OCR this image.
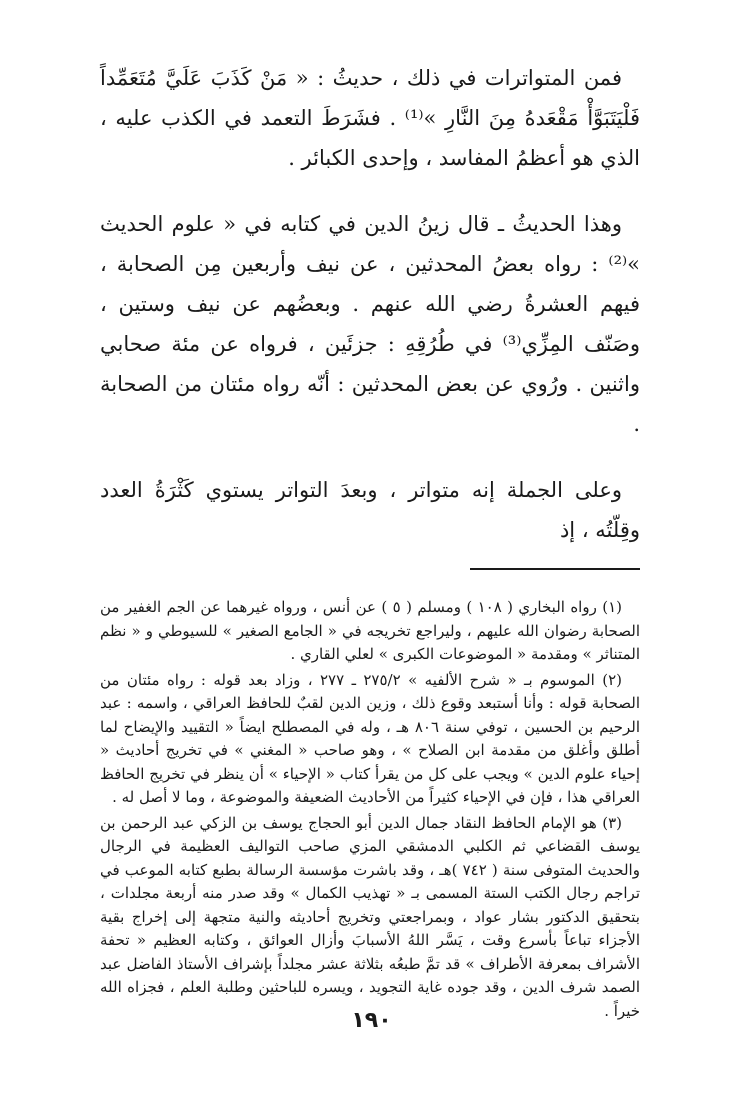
فمن المتواترات في ذلك ، حديثُ : « مَنْ كَذَبَ عَلَيَّ مُتَعَمِّداً فَلْيَتَبَوَّأْ مَقْعَدهُ مِنَ النَّارِ »⁽¹⁾ . فشَرَطَ التعمد في الكذب عليه ، الذي هو أعظمُ المفاسد ، وإحدى الكبائر .

وهذا الحديثُ ـ قال زينُ الدين في كتابه في « علوم الحديث »⁽²⁾ : رواه بعضُ المحدثين ، عن نيف وأربعين مِن الصحابة ، فيهم العشرةُ رضي الله عنهم . وبعضُهم عن نيف وستين ، وصَنّف المِزِّي⁽³⁾ في طُرُقِهِ : جزئَين ، فرواه عن مئة صحابي واثنين . ورُوي عن بعض المحدثين : أنّه رواه مئتان من الصحابة .

وعلى الجملة إنه متواتر ، وبعدَ التواتر يستوي كَثْرَةُ العدد وقِلّتُه ، إذ

(١) رواه البخاري ( ١٠٨ ) ومسلم ( ٥ ) عن أنس ، ورواه غيرهما عن الجم الغفير من الصحابة رضوان الله عليهم ، وليراجع تخريجه في « الجامع الصغير » للسيوطي و « نظم المتناثر » ومقدمة « الموضوعات الكبرى » لعلي القاري .

(٢) الموسوم بـ « شرح الألفيه » ٢٧٥/٢ ـ ٢٧٧ ، وزاد بعد قوله : رواه مئتان من الصحابة قوله : وأنا أستبعد وقوع ذلك ، وزين الدين لقبٌ للحافظ العراقي ، واسمه : عبد الرحيم بن الحسين ، توفي سنة ٨٠٦ هـ ، وله في المصطلح ايضاً « التقييد والإيضاح لما أطلق وأغلق من مقدمة ابن الصلاح » ، وهو صاحب « المغني » في تخريج أحاديث « إحياء علوم الدين » ويجب على كل من يقرأ كتاب « الإحياء » أن ينظر في تخريج الحافظ العراقي هذا ، فإن في الإحياء كثيراً من الأحاديث الضعيفة والموضوعة ، وما لا أصل له .

(٣) هو الإمام الحافظ النقاد جمال الدين أبو الحجاج يوسف بن الزكي عبد الرحمن بن يوسف القضاعي ثم الكلبي الدمشقي المزي صاحب التواليف العظيمة في الرجال والحديث المتوفى سنة ( ٧٤٢ )هـ ، وقد باشرت مؤسسة الرسالة بطبع كتابه الموعب في تراجم رجال الكتب الستة المسمى بـ « تهذيب الكمال » وقد صدر منه أربعة مجلدات ، بتحقيق الدكتور بشار عواد ، وبمراجعتي وتخريج أحاديثه والنية متجهة إلى إخراج بقية الأجزاء تباعاً بأسرع وقت ، يَسَّر اللهُ الأسبابَ وأزال العوائق ، وكتابه العظيم « تحفة الأشراف بمعرفة الأطراف » قد تمَّ طبعُه بثلاثة عشر مجلداً بإشراف الأستاذ الفاضل عبد الصمد شرف الدين ، وقد جوده غاية التجويد ، ويسره للباحثين وطلبة العلم ، فجزاه الله خيراً .

١٩٠
